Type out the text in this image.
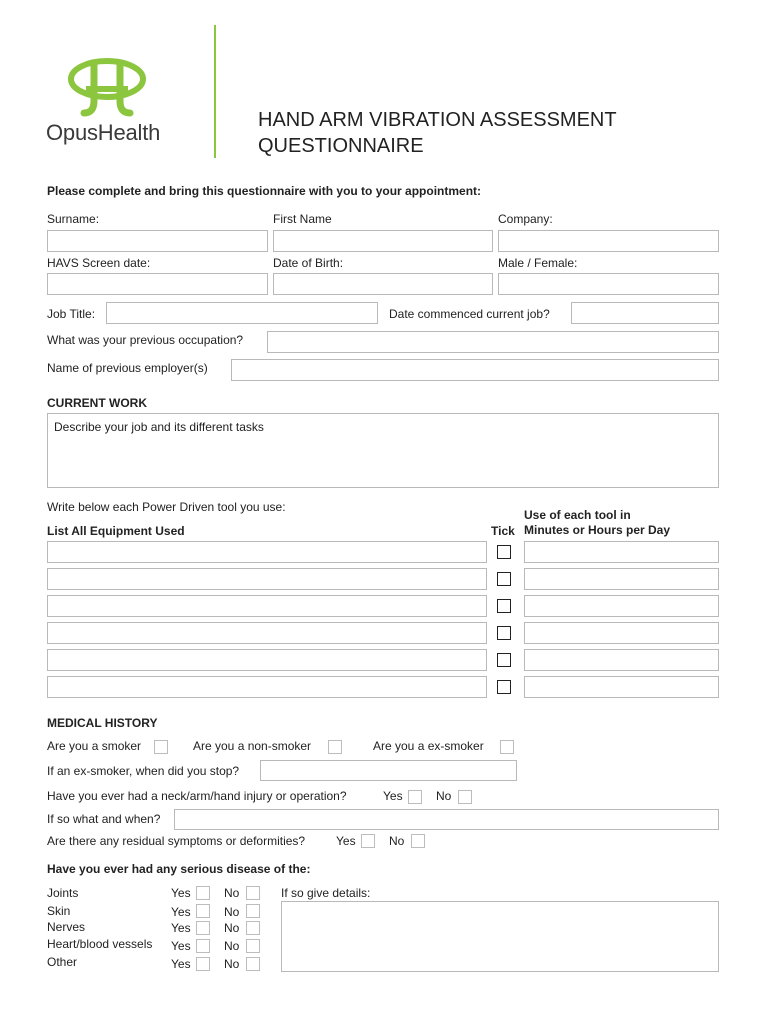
OpusHealth	HAND ARM VIBRATION ASSESSMENT
QUESTIONNAIRE
Please complete and bring this questionnaire with you to your appointment:
Surname:	First Name	Company:
HAVS Screen date:	Date of Birth:	Male / Female:
Job Title:	Date commenced current job?
What was your previous occupation?
Name of previous employer(s)
CURRENT WORK
Describe your job and its different tasks
Write below each Power Driven tool you use:
List All Equipment Used	Tick
Use of each tool in
Minutes or Hours per Day
MEDICAL HISTORY
Are you a smoker	Are you a non-smoker	Are you a ex-smoker
If an ex-smoker, when did you stop?
Have you ever had a neck/arm/hand injury or operation?	Yes	No
If so what and when?
Are there any residual symptoms or deformities?	Yes	No
Have you ever had any serious disease of the:
If so give details:
Joints	Yes	No
Skin	Yes	No
Nerves	Yes	No
Heart/blood vessels Yes	No
Other	Yes	No
